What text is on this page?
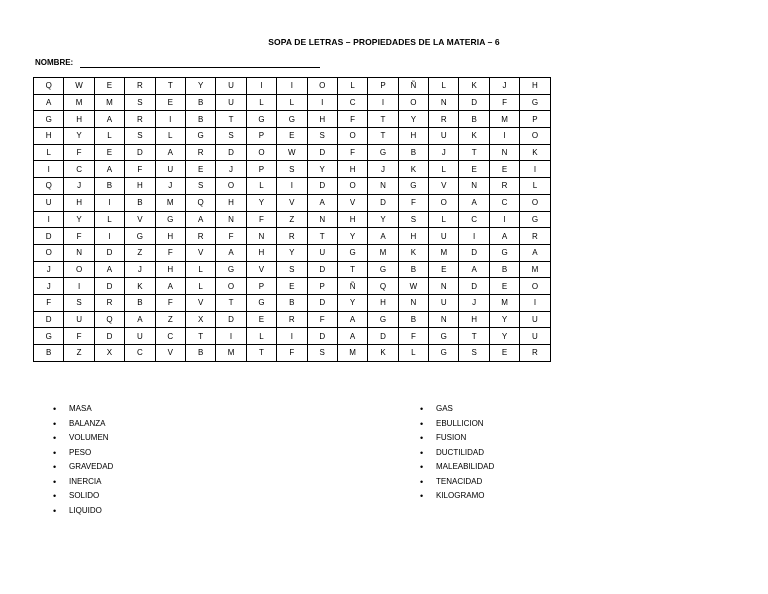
SOPA DE LETRAS – PROPIEDADES DE LA MATERIA – 6
NOMBRE:
Q	W	E	R	T	Y	U	I	I	O	L	P	Ñ	L	K	J	H
A	M	M	S	E	B	U	L	L	I	C	I	O	N	D	F	G
G	H	A	R	I	B	T	G	G	H	F	T	Y	R	B	M	P
H	Y	L	S	L	G	S	P	E	S	O	T	H	U	K	I	O
L	F	E	D	A	R	D	O	W	D	F	G	B	J	T	N	K
I	C	A	F	U	E	J	P	S	Y	H	J	K	L	E	E	I
Q	J	B	H	J	S	O	L	I	D	O	N	G	V	N	R	L
U	H	I	B	M	Q	H	Y	V	A	V	D	F	O	A	C	O
I	Y	L	V	G	A	N	F	Z	N	H	Y	S	L	C	I	G
D	F	I	G	H	R	F	N	R	T	Y	A	H	U	I	A	R
O	N	D	Z	F	V	A	H	Y	U	G	M	K	M	D	G	A
J	O	A	J	H	L	G	V	S	D	T	G	B	E	A	B	M
J	I	D	K	A	L	O	P	E	P	Ñ	Q	W	N	D	E	O
F	S	R	B	F	V	T	G	B	D	Y	H	N	U	J	M	I
D	U	Q	A	Z	X	D	E	R	F	A	G	B	N	H	Y	U
G	F	D	U	C	T	I	L	I	D	A	D	F	G	T	Y	U
B	Z	X	C	V	B	M	T	F	S	M	K	L	G	S	E	R
• MASA
• BALANZA
• VOLUMEN
• PESO
• GRAVEDAD
• INERCIA
• SOLIDO
• LIQUIDO
• GAS
• EBULLICION
• FUSION
• DUCTILIDAD
• MALEABILIDAD
• TENACIDAD
• KILOGRAMO
